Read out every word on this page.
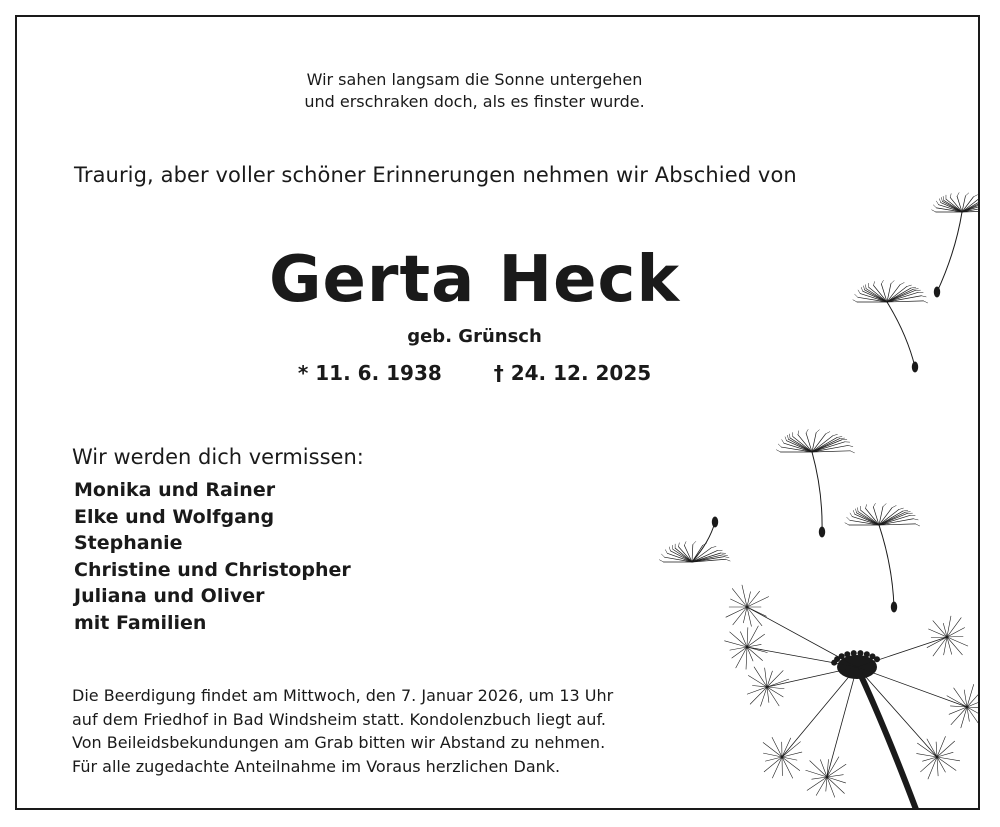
Wir sahen langsam die Sonne untergehen
und erschraken doch, als es finster wurde.
Traurig, aber voller schöner Erinnerungen nehmen wir Abschied von
Gerta Heck
geb. Grünsch
* 11. 6. 1938	† 24. 12. 2025
Wir werden dich vermissen:
Monika und Rainer
Elke und Wolfgang
Stephanie
Christine und Christopher
Juliana und Oliver
mit Familien
Die Beerdigung findet am Mittwoch, den 7. Januar 2026, um 13 Uhr
auf dem Friedhof in Bad Windsheim statt. Kondolenzbuch liegt auf.
Von Beileidsbekundungen am Grab bitten wir Abstand zu nehmen.
Für alle zugedachte Anteilnahme im Voraus herzlichen Dank.
